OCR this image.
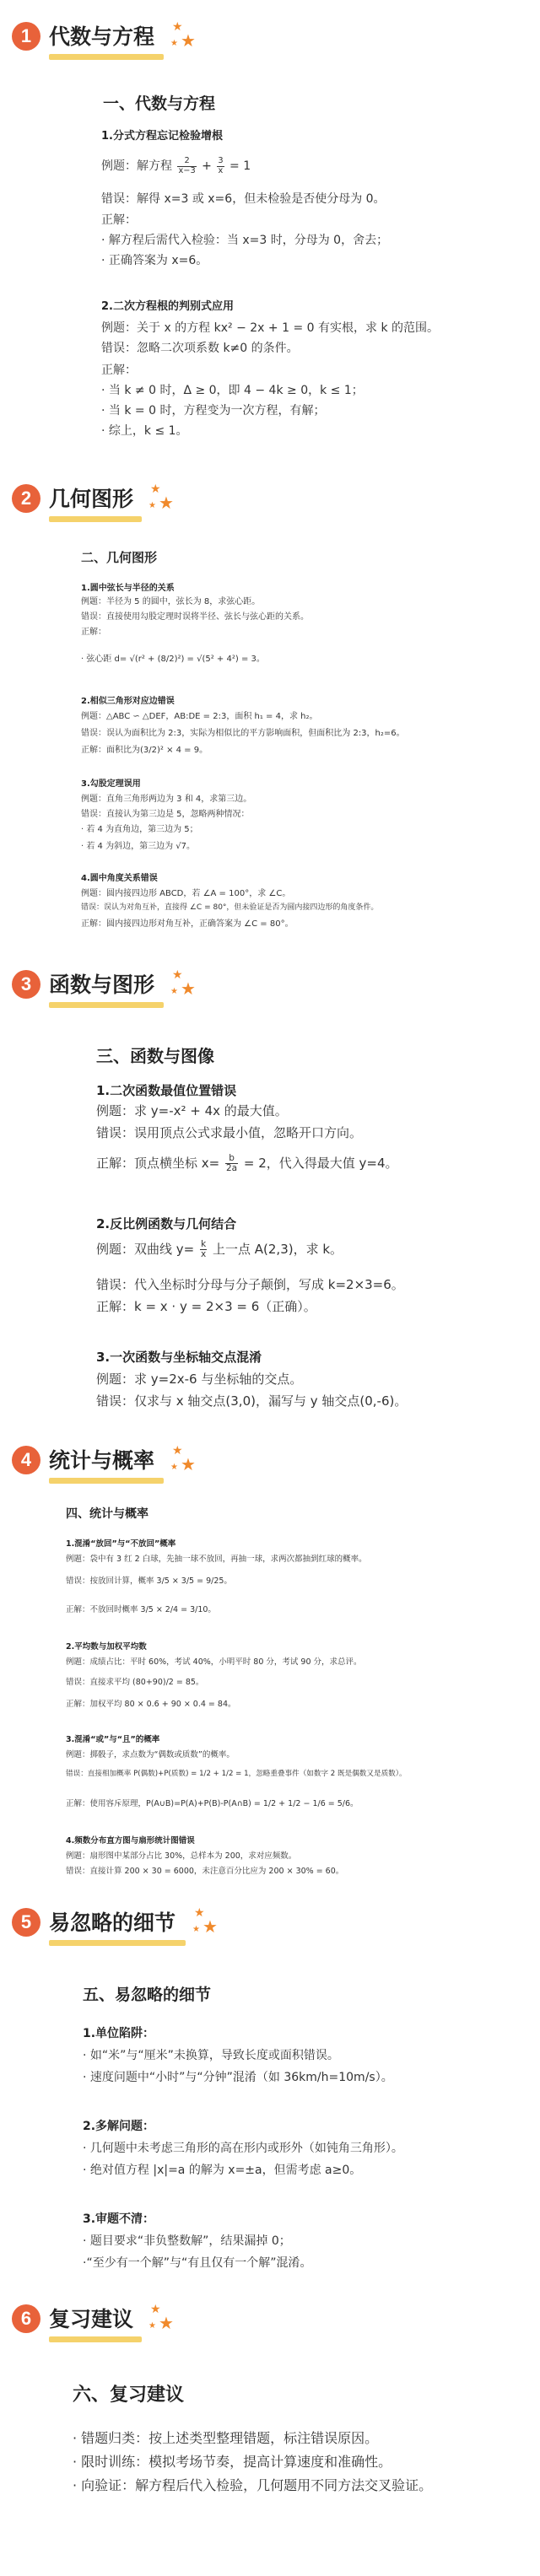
1 代数与方程 ★
★
★
一、代数与方程
1.分式方程忘记检验增根
例题：解方程 $\frac{2}{x-3} + \frac{3}{x} = 1$
错误：解得 x=3 或 x=6，但未检验是否使分母为 0。
正解：
· 解方程后需代入检验：当 x=3 时，分母为 0，舍去；
· 正确答案为 x=6。
2.二次方程根的判别式应用
例题：关于 x 的方程 kx² − 2x + 1 = 0 有实根，求 k 的范围。
错误：忽略二次项系数 k≠0 的条件。
正解：
· 当 k ≠ 0 时，Δ ≥ 0，即 4 − 4k ≥ 0，k ≤ 1；
· 当 k = 0 时，方程变为一次方程，有解；
· 综上，k ≤ 1。
2 几何图形 ★
★
★
二、几何图形
1.圆中弦长与半径的关系
例题：半径为 5 的圆中，弦长为 8，求弦心距。
错误：直接使用勾股定理时误将半径、弦长与弦心距的关系。
正解：
· 弦心距 d= √(r² + (8/2)²) = √(5² + 4²) = 3。
2.相似三角形对应边错误
例题：△ABC ∽ △DEF，AB:DE = 2:3，面积 h₁ = 4，求 h₂。
错误：误认为面积比为 2:3，实际为相似比的平方影响面积，但面积比为 2:3，h₂=6。
正解：面积比为(3/2)² × 4 = 9。
3.勾股定理误用
例题：直角三角形两边为 3 和 4，求第三边。
错误：直接认为第三边是 5，忽略两种情况：
· 若 4 为直角边，第三边为 5；
· 若 4 为斜边，第三边为 √7。
4.圆中角度关系错误
例题：圆内接四边形 ABCD，若 ∠A = 100°，求 ∠C。
错误：误认为对角互补，直接得 ∠C = 80°，但未验证是否为圆内接四边形的角度条件。
正解：圆内接四边形对角互补，正确答案为 ∠C = 80°。
3 函数与图形 ★
★
★
三、函数与图像
1.二次函数最值位置错误
例题：求 y=-x² + 4x 的最大值。
错误：误用顶点公式求最小值，忽略开口方向。
正解：顶点横坐标 $x= \frac{b}{2a} = 2$，代入得最大值 y=4。
2.反比例函数与几何结合
例题：双曲线 $y= \frac{k}{x}$ 上一点 A(2,3)，求 k。
错误：代入坐标时分母与分子颠倒，写成 k=2×3=6。
正解：k = x · y = 2×3 = 6（正确）。
3.一次函数与坐标轴交点混淆
例题：求 y=2x-6 与坐标轴的交点。
错误：仅求与 x 轴交点(3,0)，漏写与 y 轴交点(0,-6)。
4 统计与概率 ★
★
★
四、统计与概率
1.混淆“放回”与“不放回”概率
例题：袋中有 3 红 2 白球，先抽一球不放回，再抽一球，求两次都抽到红球的概率。
错误：按放回计算，概率 3/5 × 3/5 = 9/25。
正解：不放回时概率 3/5 × 2/4 = 3/10。
2.平均数与加权平均数
例题：成绩占比：平时 60%，考试 40%，小明平时 80 分，考试 90 分，求总评。
错误：直接求平均 (80+90)/2 = 85。
正解：加权平均 80 × 0.6 + 90 × 0.4 = 84。
3.混淆“或”与“且”的概率
例题：掷骰子，求点数为“偶数或质数”的概率。
错误：直接相加概率 P(偶数)+P(质数) = 1/2 + 1/2 = 1，忽略重叠事件（如数字 2 既是偶数又是质数）。
正解：使用容斥原理，P(A∪B)=P(A)+P(B)-P(A∩B) = 1/2 + 1/2 − 1/6 = 5/6。
4.频数分布直方图与扇形统计图错误
例题：扇形图中某部分占比 30%，总样本为 200，求对应频数。
错误：直接计算 200 × 30 = 6000，未注意百分比应为 200 × 30% = 60。
5 易忽略的细节 ★
★
★
五、易忽略的细节
1.单位陷阱：
· 如“米”与“厘米”未换算，导致长度或面积错误。
· 速度问题中“小时”与“分钟”混淆（如 36km/h=10m/s）。
2.多解问题：
· 几何题中未考虑三角形的高在形内或形外（如钝角三角形）。
· 绝对值方程 |x|=a 的解为 x=±a，但需考虑 a≥0。
3.审题不清：
· 题目要求“非负整数解”，结果漏掉 0；
·“至少有一个解”与“有且仅有一个解”混淆。
6 复习建议 ★
★
★
六、复习建议
· 错题归类：按上述类型整理错题，标注错误原因。
· 限时训练：模拟考场节奏，提高计算速度和准确性。
· 向验证：解方程后代入检验，几何题用不同方法交叉验证。
